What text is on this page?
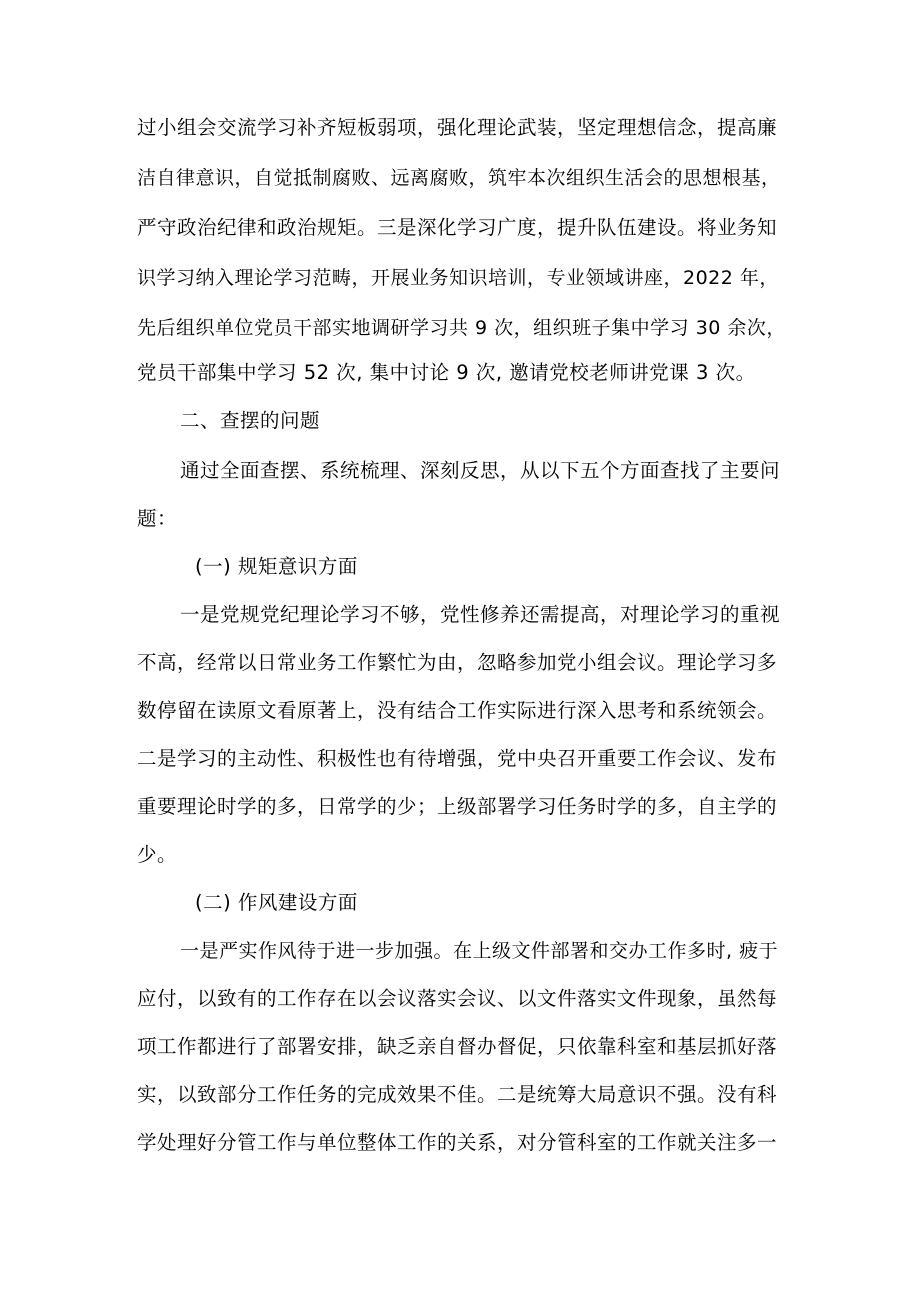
过小组会交流学习补齐短板弱项，强化理论武装，坚定理想信念，提高廉
洁自律意识，自觉抵制腐败、远离腐败，筑牢本次组织生活会的思想根基，
严守政治纪律和政治规矩。三是深化学习广度，提升队伍建设。将业务知
识学习纳入理论学习范畴，开展业务知识培训，专业领域讲座，2022 年，
先后组织单位党员干部实地调研学习共 9 次，组织班子集中学习 30 余次，
党员干部集中学习 52 次, 集中讨论 9 次, 邀请党校老师讲党课 3 次。
二、查摆的问题
通过全面查摆、系统梳理、深刻反思，从以下五个方面查找了主要问
题：
(一) 规矩意识方面
一是党规党纪理论学习不够，党性修养还需提高，对理论学习的重视
不高，经常以日常业务工作繁忙为由，忽略参加党小组会议。理论学习多
数停留在读原文看原著上，没有结合工作实际进行深入思考和系统领会。
二是学习的主动性、积极性也有待增强，党中央召开重要工作会议、发布
重要理论时学的多，日常学的少；上级部署学习任务时学的多，自主学的
少。
(二) 作风建设方面
一是严实作风待于进一步加强。在上级文件部署和交办工作多时, 疲于
应付，以致有的工作存在以会议落实会议、以文件落实文件现象，虽然每
项工作都进行了部署安排，缺乏亲自督办督促，只依靠科室和基层抓好落
实，以致部分工作任务的完成效果不佳。二是统筹大局意识不强。没有科
学处理好分管工作与单位整体工作的关系，对分管科室的工作就关注多一
